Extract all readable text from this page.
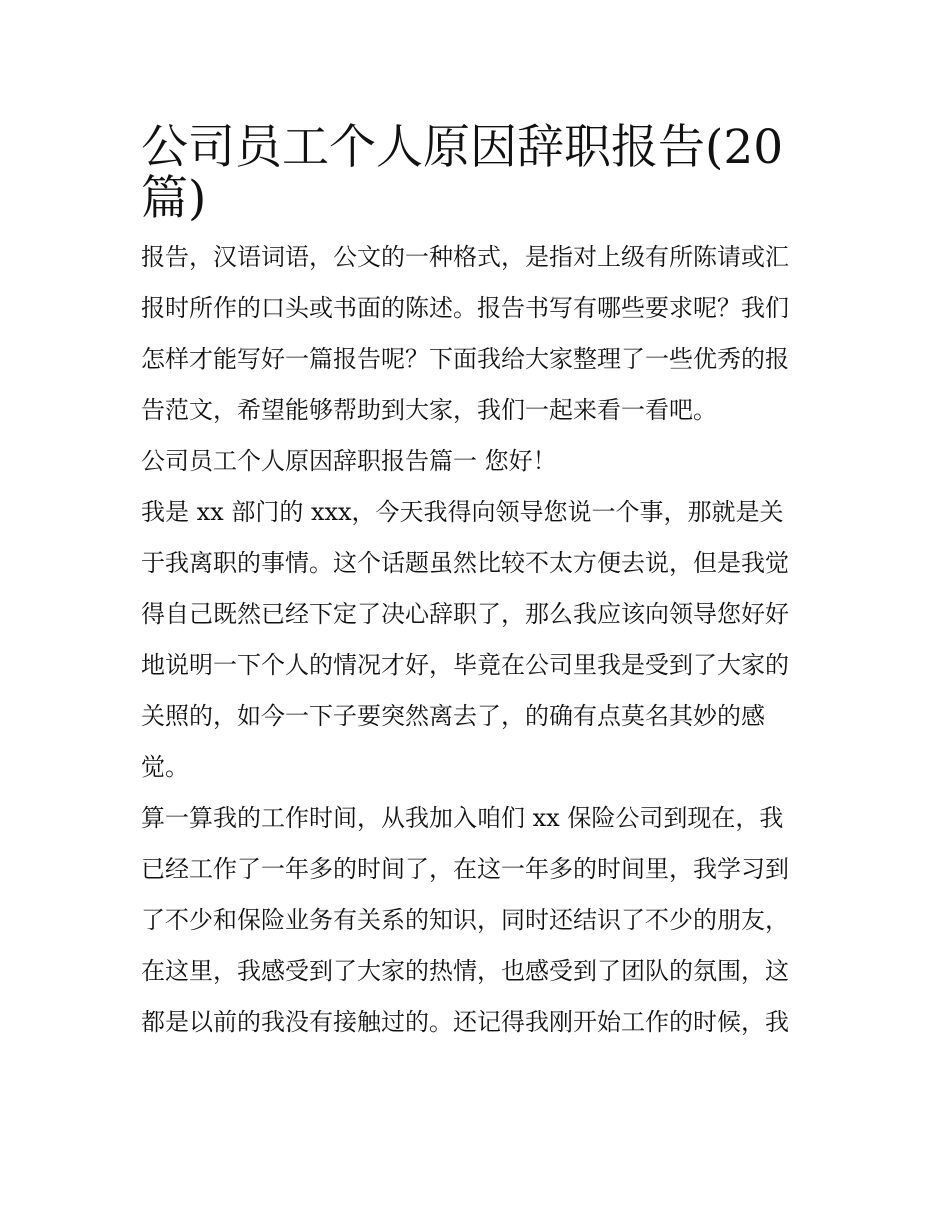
公司员工个人原因辞职报告(20
篇)

报告，汉语词语，公文的一种格式，是指对上级有所陈请或汇
报时所作的口头或书面的陈述。报告书写有哪些要求呢？我们
怎样才能写好一篇报告呢？下面我给大家整理了一些优秀的报
告范文，希望能够帮助到大家，我们一起来看一看吧。

公司员工个人原因辞职报告篇一 您好！

我是 xx 部门的 xxx，今天我得向领导您说一个事，那就是关
于我离职的事情。这个话题虽然比较不太方便去说，但是我觉
得自己既然已经下定了决心辞职了，那么我应该向领导您好好
地说明一下个人的情况才好，毕竟在公司里我是受到了大家的
关照的，如今一下子要突然离去了，的确有点莫名其妙的感
觉。

算一算我的工作时间，从我加入咱们 xx 保险公司到现在，我
已经工作了一年多的时间了，在这一年多的时间里，我学习到
了不少和保险业务有关系的知识，同时还结识了不少的朋友，
在这里，我感受到了大家的热情，也感受到了团队的氛围，这
都是以前的我没有接触过的。还记得我刚开始工作的时候，我
